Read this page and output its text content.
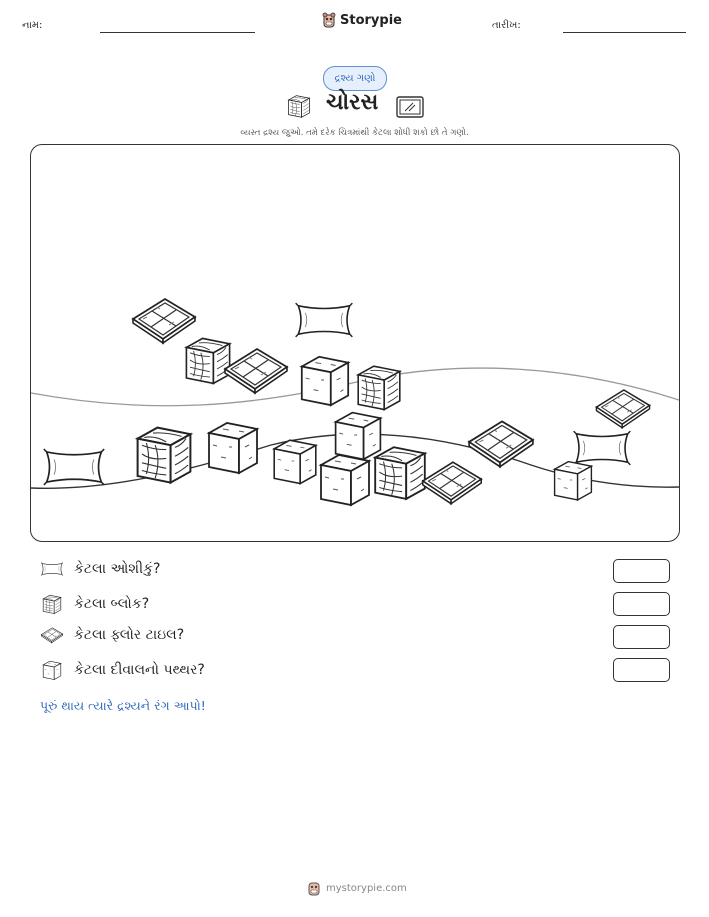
નામ:	Storypie	તારીખ:
દ્રશ્ય ગણો
ચોરસ
વ્યસ્ત દ્રશ્ય જુઓ. તમે દરેક ચિત્રમાંથી કેટલા શોધી શકો છો તે ગણો.
કેટલા ઓશીકું?
કેટલા બ્લોક?
કેટલા ફ્લોર ટાઇલ?
કેટલા દીવાલનો પથ્થર?
પૂરું થાય ત્યારે દ્રશ્યને રંગ આપો!
mystorypie.com
